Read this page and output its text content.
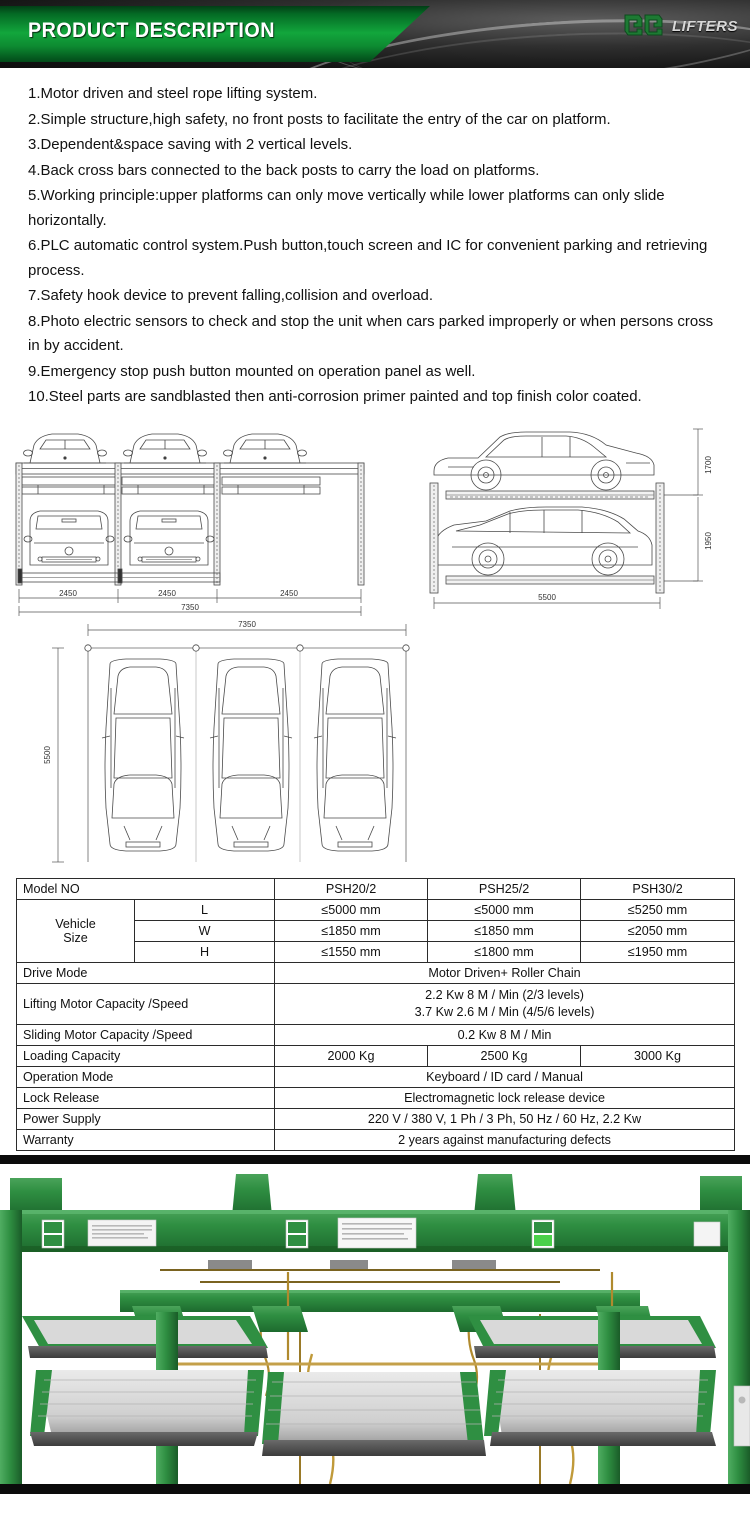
PRODUCT DESCRIPTION	LIFTERS

1.Motor driven and steel rope lifting system.

2.Simple structure,high safety, no front posts to facilitate the entry of the car on platform.

3.Dependent&space saving with 2 vertical levels.

4.Back cross bars connected to the back posts to carry the load on platforms.

5.Working principle:upper platforms can only move vertically while lower platforms can only slide horizontally.

6.PLC automatic control system.Push button,touch screen and IC for convenient parking and retrieving process.

7.Safety hook device to prevent falling,collision and overload.

8.Photo electric sensors to check and stop the unit when cars parked improperly or when persons cross in by accident.

9.Emergency stop push button mounted on operation panel as well.

10.Steel parts are sandblasted then anti-corrosion primer painted and top finish color coated.

2450	2450	2450
7350
1700
1950
5500
7350
5500
Model NO		PSH20/2	PSH25/2	PSH30/2

Vehicle
Size	L	≤5000 mm	≤5000 mm	≤5250 mm
	W	≤1850 mm	≤1850 mm	≤2050 mm
	H	≤1550 mm	≤1800 mm	≤1950 mm
Drive Mode		Motor Driven+ Roller Chain		
Lifting Motor Capacity /Speed		2.2 Kw 8 M / Min (2/3 levels)
3.7 Kw 2.6 M / Min (4/5/6 levels)		

Sliding Motor Capacity /Speed		0.2 Kw 8 M / Min		
Loading Capacity		2000 Kg	2500 Kg	3000 Kg
Operation Mode		Keyboard / ID card / Manual		
Lock Release		Electromagnetic lock release device		
Power Supply		220 V / 380 V, 1 Ph / 3 Ph, 50 Hz / 60 Hz, 2.2 Kw		
Warranty		2 years against manufacturing defects		
